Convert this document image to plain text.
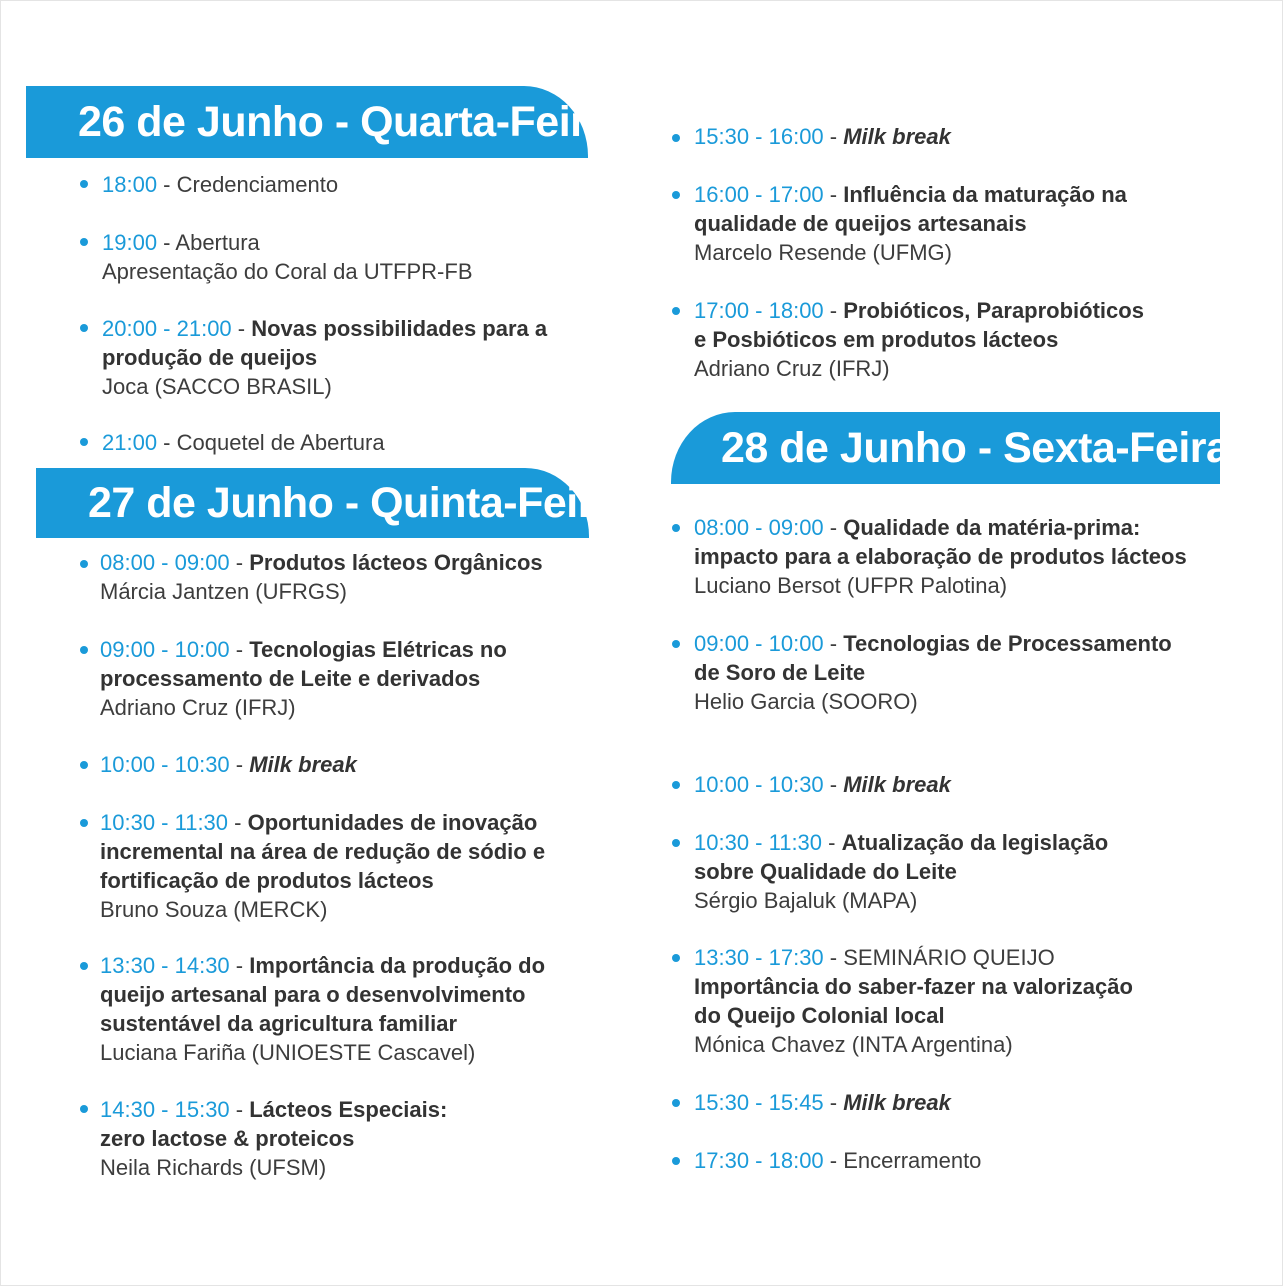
26 de Junho - Quarta-Feira
18:00 - Credenciamento
19:00 - Abertura
Apresentação do Coral da UTFPR-FB
20:00 - 21:00 - Novas possibilidades para a
produção de queijos
Joca (SACCO BRASIL)
21:00 - Coquetel de Abertura
27 de Junho - Quinta-Feira
08:00 - 09:00 - Produtos lácteos Orgânicos
Márcia Jantzen (UFRGS)
09:00 - 10:00 - Tecnologias Elétricas no
processamento de Leite e derivados
Adriano Cruz (IFRJ)
10:00 - 10:30 - Milk break
10:30 - 11:30 - Oportunidades de inovação
incremental na área de redução de sódio e
fortificação de produtos lácteos
Bruno Souza (MERCK)
13:30 - 14:30 - Importância da produção do
queijo artesanal para o desenvolvimento
sustentável da agricultura familiar
Luciana Fariña (UNIOESTE Cascavel)
14:30 - 15:30 - Lácteos Especiais:
zero lactose & proteicos
Neila Richards (UFSM)
15:30 - 16:00 - Milk break
16:00 - 17:00 - Influência da maturação na
qualidade de queijos artesanais
Marcelo Resende (UFMG)
17:00 - 18:00 - Probióticos, Paraprobióticos
e Posbióticos em produtos lácteos
Adriano Cruz (IFRJ)
28 de Junho - Sexta-Feira
08:00 - 09:00 - Qualidade da matéria-prima:
impacto para a elaboração de produtos lácteos
Luciano Bersot (UFPR Palotina)
09:00 - 10:00 - Tecnologias de Processamento
de Soro de Leite
Helio Garcia (SOORO)
10:00 - 10:30 - Milk break
10:30 - 11:30 - Atualização da legislação
sobre Qualidade do Leite
Sérgio Bajaluk (MAPA)
13:30 - 17:30 - SEMINÁRIO QUEIJO
Importância do saber-fazer na valorização
do Queijo Colonial local
Mónica Chavez (INTA Argentina)
15:30 - 15:45 - Milk break
17:30 - 18:00 - Encerramento
